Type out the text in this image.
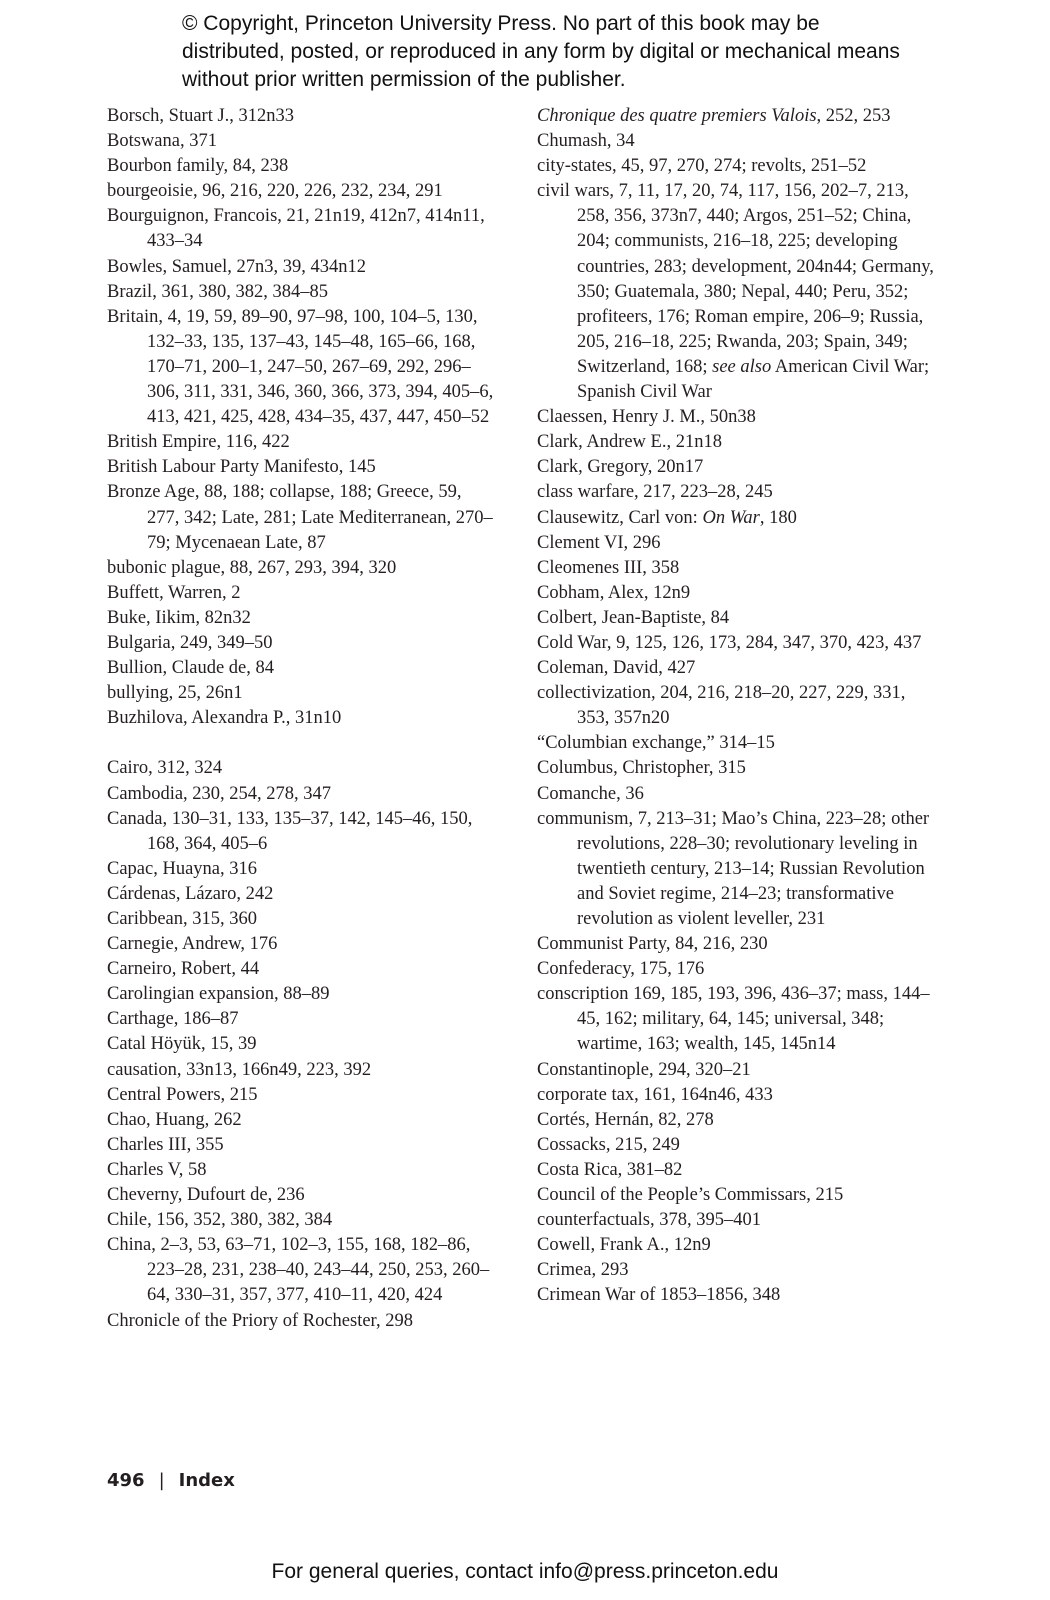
© Copyright, Princeton University Press. No part of this book may be distributed, posted, or reproduced in any form by digital or mechanical means without prior written permission of the publisher.
Borsch, Stuart J., 312n33
Botswana, 371
Bourbon family, 84, 238
bourgeoisie, 96, 216, 220, 226, 232, 234, 291
Bourguignon, Francois, 21, 21n19, 412n7, 414n11, 433–34
Bowles, Samuel, 27n3, 39, 434n12
Brazil, 361, 380, 382, 384–85
Britain, 4, 19, 59, 89–90, 97–98, 100, 104–5, 130, 132–33, 135, 137–43, 145–48, 165–66, 168, 170–71, 200–1, 247–50, 267–69, 292, 296–306, 311, 331, 346, 360, 366, 373, 394, 405–6, 413, 421, 425, 428, 434–35, 437, 447, 450–52
British Empire, 116, 422
British Labour Party Manifesto, 145
Bronze Age, 88, 188; collapse, 188; Greece, 59, 277, 342; Late, 281; Late Mediterranean, 270–79; Mycenaean Late, 87
bubonic plague, 88, 267, 293, 394, 320
Buffett, Warren, 2
Buke, Iikim, 82n32
Bulgaria, 249, 349–50
Bullion, Claude de, 84
bullying, 25, 26n1
Buzhilova, Alexandra P., 31n10
Cairo, 312, 324
Cambodia, 230, 254, 278, 347
Canada, 130–31, 133, 135–37, 142, 145–46, 150, 168, 364, 405–6
Capac, Huayna, 316
Cárdenas, Lázaro, 242
Caribbean, 315, 360
Carnegie, Andrew, 176
Carneiro, Robert, 44
Carolingian expansion, 88–89
Carthage, 186–87
Catal Höyük, 15, 39
causation, 33n13, 166n49, 223, 392
Central Powers, 215
Chao, Huang, 262
Charles III, 355
Charles V, 58
Cheverny, Dufourt de, 236
Chile, 156, 352, 380, 382, 384
China, 2–3, 53, 63–71, 102–3, 155, 168, 182–86, 223–28, 231, 238–40, 243–44, 250, 253, 260–64, 330–31, 357, 377, 410–11, 420, 424
Chronicle of the Priory of Rochester, 298
Chronique des quatre premiers Valois, 252, 253
Chumash, 34
city-states, 45, 97, 270, 274; revolts, 251–52
civil wars, 7, 11, 17, 20, 74, 117, 156, 202–7, 213, 258, 356, 373n7, 440; Argos, 251–52; China, 204; communists, 216–18, 225; developing countries, 283; development, 204n44; Germany, 350; Guatemala, 380; Nepal, 440; Peru, 352; profiteers, 176; Roman empire, 206–9; Russia, 205, 216–18, 225; Rwanda, 203; Spain, 349; Switzerland, 168; see also American Civil War; Spanish Civil War
Claessen, Henry J. M., 50n38
Clark, Andrew E., 21n18
Clark, Gregory, 20n17
class warfare, 217, 223–28, 245
Clausewitz, Carl von: On War, 180
Clement VI, 296
Cleomenes III, 358
Cobham, Alex, 12n9
Colbert, Jean-Baptiste, 84
Cold War, 9, 125, 126, 173, 284, 347, 370, 423, 437
Coleman, David, 427
collectivization, 204, 216, 218–20, 227, 229, 331, 353, 357n20
“Columbian exchange,” 314–15
Columbus, Christopher, 315
Comanche, 36
communism, 7, 213–31; Mao’s China, 223–28; other revolutions, 228–30; revolutionary leveling in twentieth century, 213–14; Russian Revolution and Soviet regime, 214–23; transformative revolution as violent leveller, 231
Communist Party, 84, 216, 230
Confederacy, 175, 176
conscription 169, 185, 193, 396, 436–37; mass, 144–45, 162; military, 64, 145; universal, 348; wartime, 163; wealth, 145, 145n14
Constantinople, 294, 320–21
corporate tax, 161, 164n46, 433
Cortés, Hernán, 82, 278
Cossacks, 215, 249
Costa Rica, 381–82
Council of the People’s Commissars, 215
counterfactuals, 378, 395–401
Cowell, Frank A., 12n9
Crimea, 293
Crimean War of 1853–1856, 348
496 | Index
For general queries, contact info@press.princeton.edu
